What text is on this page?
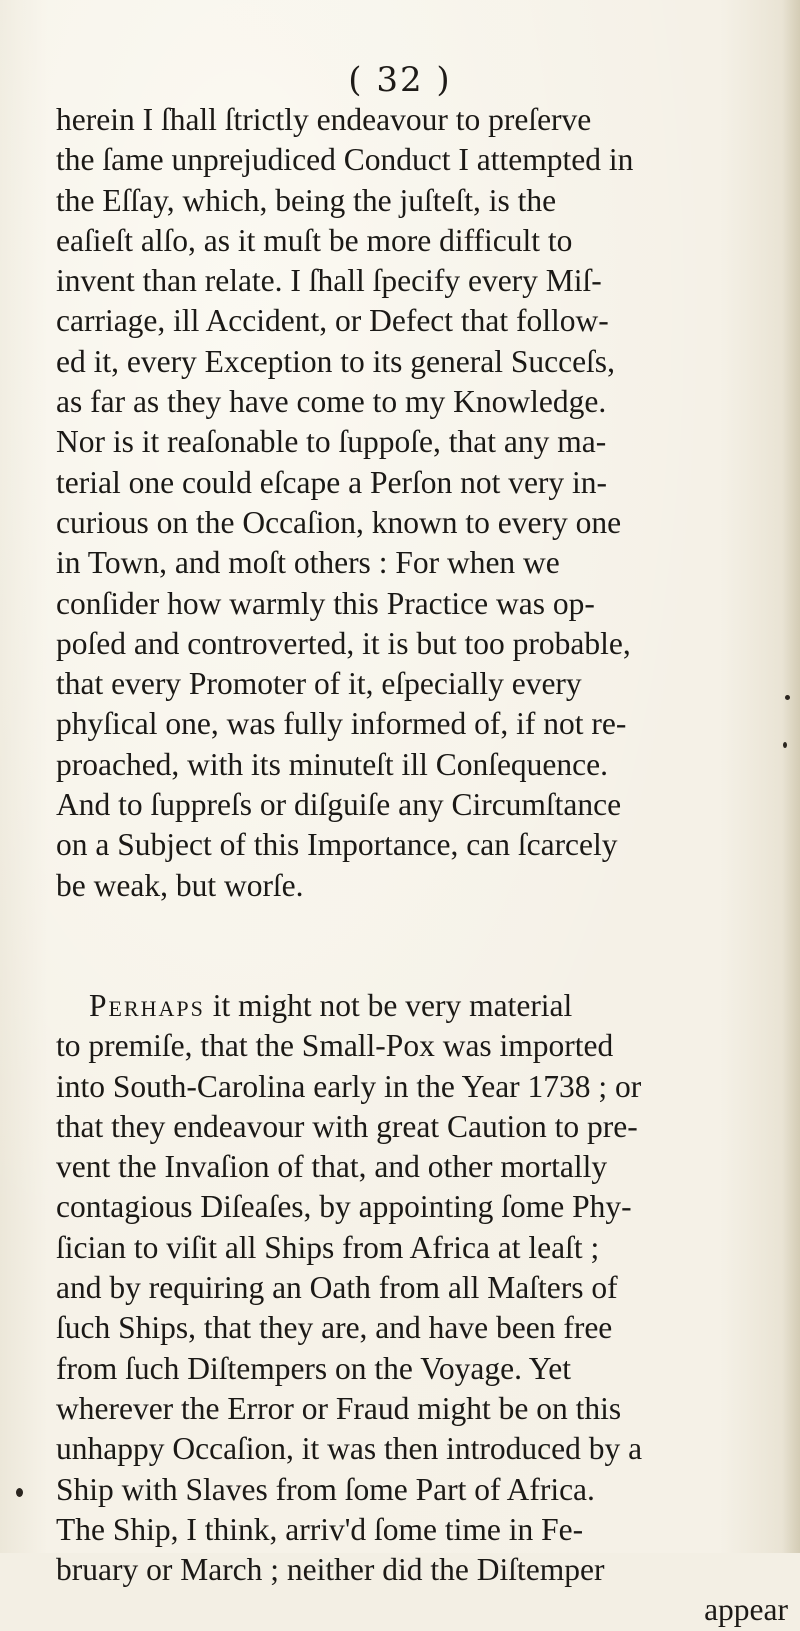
( 32 )
herein I ſhall ſtrictly endeavour to preſerve
the ſame unprejudiced Conduct I attempted in
the Eſſay, which, being the juſteſt, is the
eaſieſt alſo, as it muſt be more difficult to
invent than relate. I ſhall ſpecify every Miſ-
carriage, ill Accident, or Defect that follow-
ed it, every Exception to its general Succeſs,
as far as they have come to my Knowledge.
Nor is it reaſonable to ſuppoſe, that any ma-
terial one could eſcape a Perſon not very in-
curious on the Occaſion, known to every one
in Town, and moſt others : For when we
conſider how warmly this Practice was op-
poſed and controverted, it is but too probable,
that every Promoter of it, eſpecially every
phyſical one, was fully informed of, if not re-
proached, with its minuteſt ill Conſequence.
And to ſuppreſs or diſguiſe any Circumſtance
on a Subject of this Importance, can ſcarcely
be weak, but worſe.
Perhaps it might not be very material
to premiſe, that the Small-Pox was imported
into South-Carolina early in the Year 1738 ; or
that they endeavour with great Caution to pre-
vent the Invaſion of that, and other mortally
contagious Diſeaſes, by appointing ſome Phy-
ſician to viſit all Ships from Africa at leaſt ;
and by requiring an Oath from all Maſters of
ſuch Ships, that they are, and have been free
from ſuch Diſtempers on the Voyage. Yet
wherever the Error or Fraud might be on this
unhappy Occaſion, it was then introduced by a
Ship with Slaves from ſome Part of Africa.
The Ship, I think, arriv'd ſome time in Fe-
bruary or March ; neither did the Diſtemper
appear
